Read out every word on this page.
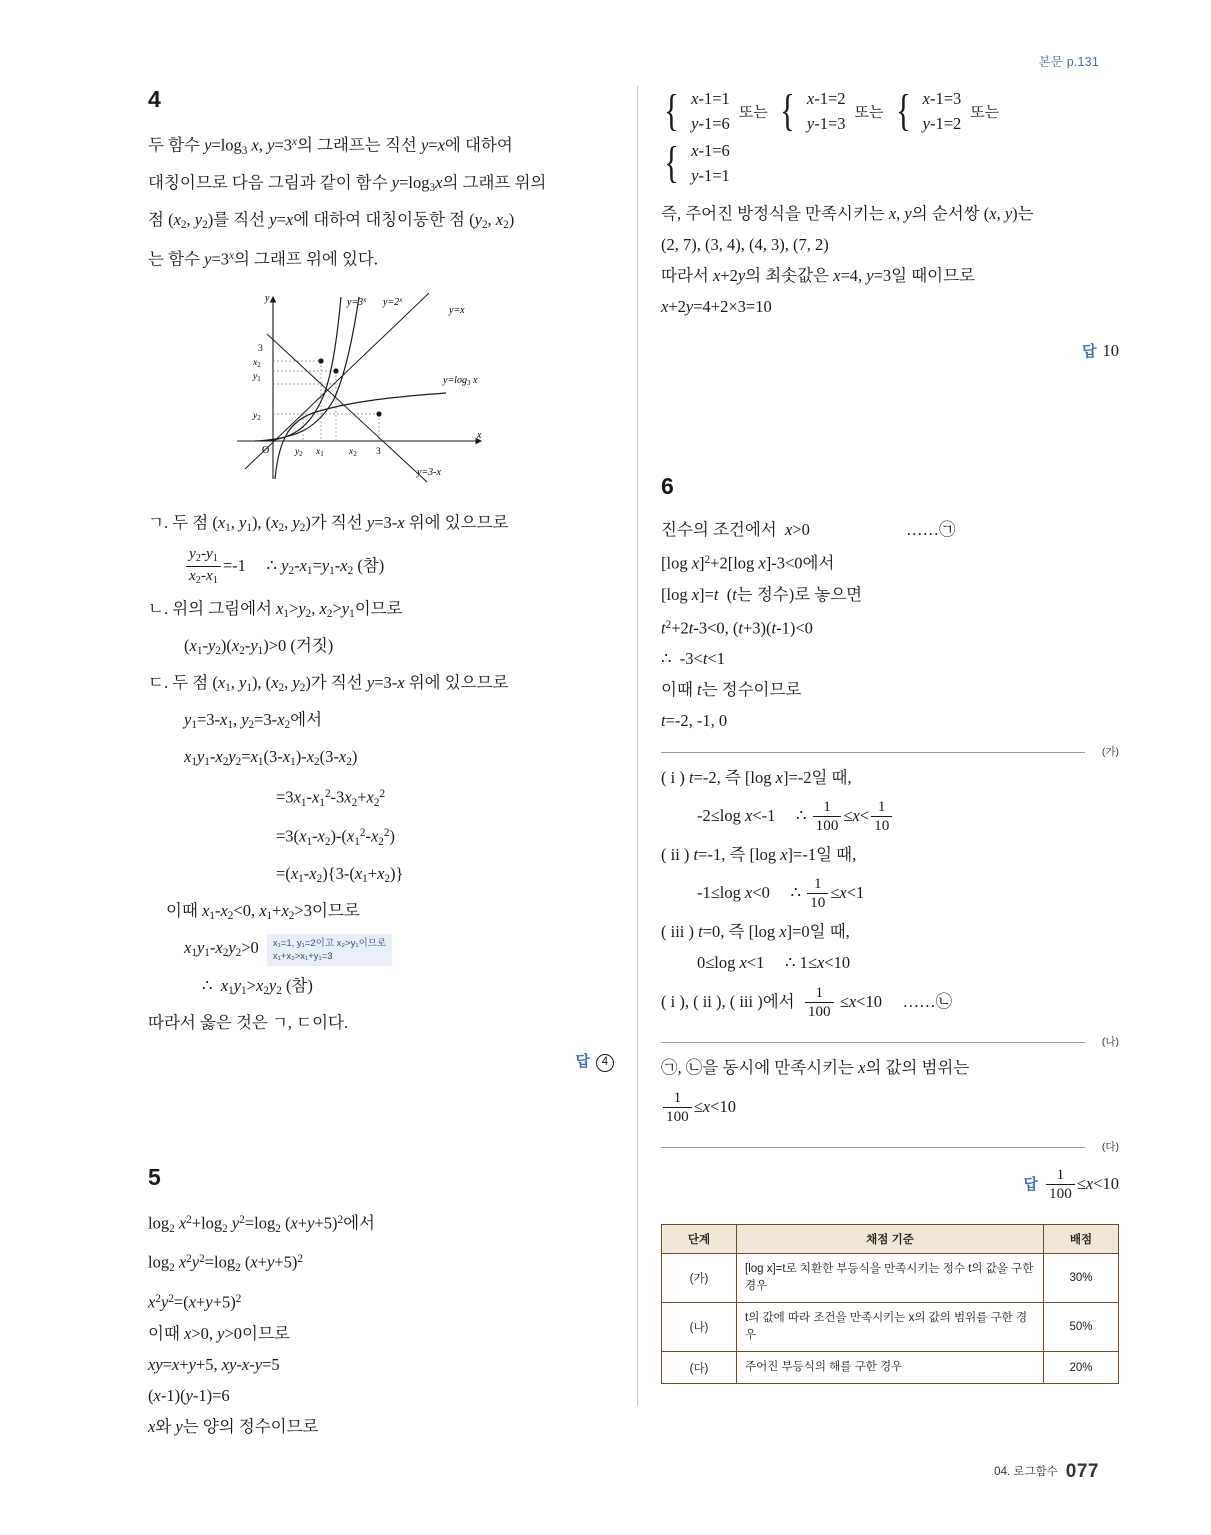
본문 p.131
4

두 함수 y=log3 x, $y=3^x$의 그래프는 직선 y=x에 대하여

대칭이므로 다음 그림과 같이 함수 y=log3x의 그래프 위의

점 (x2, y2)를 직선 y=x에 대하여 대칭이동한 점 (y2, x2)

는 함수 $y=3^x$의 그래프 위에 있다.

y
x
O
$y=3^x$ $y=2^x$
y=x
$y=\log_3$ x
y=3-x
3
$x_2$
$y_1$
$y_2$
$y_2$ $x_1$	$x_2$ 3

ㄱ. 두 점 (x1, y1), (x2, y2)가 직선 y=3-x 위에 있으므로

$\frac{y2-y1}{x2-x1} =-1$     ∴ y2-x1=y1-x2 (참)

ㄴ. 위의 그림에서 x1>y2, x2>y1이므로

(x1-y2)(x2-y1)>0 (거짓)

ㄷ. 두 점 (x1, y1), (x2, y2)가 직선 y=3-x 위에 있으므로

y1=3-x1, y2=3-x2에서

x1y1-x2y2=x1(3-x1)-x2(3-x2)

$=3x1-x1^2-3x2+x2^2$

$=3(x1-x2)-(x1^2-x2^2)$

=(x1-x2){3-(x1+x2)}

이때 x1-x2<0, x1+x2>3이므로

x1y1-x2y2>0 x₁=1, y₁=2이고 x₂>y₁이므로
x₁+x₂>x₁+y₁=3

∴  x1y1>x2y2 (참)

따라서 옳은 것은 ㄱ, ㄷ이다.

답 4
5

log2 $x^2+\log 2$ $y^2=\log 2$ $(x+y+5)^2$에서

log2 $x^2y^2=\log 2$ $(x+y+5)^2$

$x^2y^2=(x+y+5)^2$

이때 x>0, y>0이므로

xy=x+y+5, xy-x-y=5

(x-1)(y-1)=6

x와 y는 양의 정수이므로

{ x-1=1
y-1=6
또는 { x-1=2
y-1=3
또는 { x-1=3
y-1=2
또는
{ x-1=6
y-1=1

즉, 주어진 방정식을 만족시키는 x, y의 순서쌍 (x, y)는

(2, 7), (3, 4), (4, 3), (7, 2)

따라서 x+2y의 최솟값은 x=4, y=3일 때이므로

x+2y=4+2×3=10

답 10
6

진수의 조건에서  x>0	……㉠

[log x]$^2$+2[log x]-3<0에서

[log x]=t  (t는 정수)로 놓으면

$t^2+2t-3<0$, (t+3)(t-1)<0

∴  -3<t<1

이때 t는 정수이므로

t=-2, -1, 0

(가)

( i ) t=-2, 즉 [log x]=-2일 때,

-2≤log x<-1     ∴ $\frac{1}{100} \le x< \frac{1}{10}$

( ii ) t=-1, 즉 [log x]=-1일 때,

-1≤log x<0     ∴ $\frac{1}{10} \le x<1$

( iii ) t=0, 즉 [log x]=0일 때,

0≤log x<1     ∴ 1≤x<10

( i ), ( ii ), ( iii )에서 $\frac{1}{100} \le x<10$     ……㉡

(나)

㉠, ㉡을 동시에 만족시키는 x의 값의 범위는

$\frac{1}{100} \le x<10$

(다)
답 $\frac{1}{100} \le x<10$
단계	채점 기준	배점
(가)	[log x]=t로 치환한 부등식을 만족시키는 정수 t의 값을 구한 경우	30%
(나)	t의 값에 따라 조건을 만족시키는 x의 값의 범위를 구한 경우	50%
(다)	주어진 부등식의 해를 구한 경우	20%
04. 로그함수 077
